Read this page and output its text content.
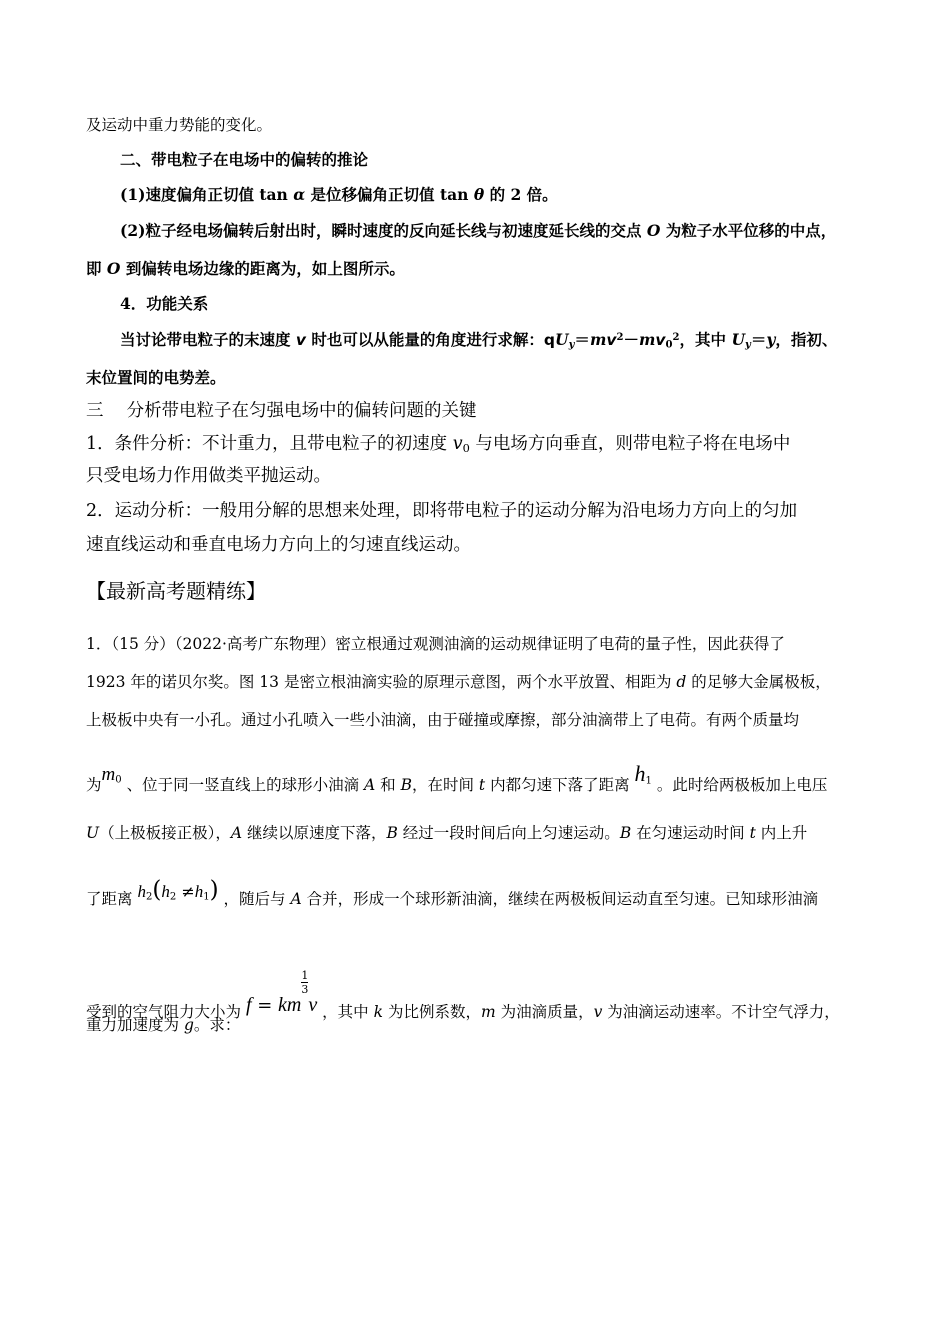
及运动中重力势能的变化。
二、带电粒子在电场中的偏转的推论
(1)速度偏角正切值 tan α 是位移偏角正切值 tan θ 的 2 倍。
(2)粒子经电场偏转后射出时，瞬时速度的反向延长线与初速度延长线的交点 O 为粒子水平位移的中点，
即 O 到偏转电场边缘的距离为，如上图所示。
4．功能关系
当讨论带电粒子的末速度 v 时也可以从能量的角度进行求解：$qU_y=mv^2-mv_0^2$，其中 $U_y=y$，指初、
末位置间的电势差。
三　 分析带电粒子在匀强电场中的偏转问题的关键
1．条件分析：不计重力，且带电粒子的初速度 $v_0$ 与电场方向垂直，则带电粒子将在电场中
只受电场力作用做类平抛运动。
2．运动分析：一般用分解的思想来处理，即将带电粒子的运动分解为沿电场力方向上的匀加
速直线运动和垂直电场力方向上的匀速直线运动。
【最新高考题精练】
1．（15 分）（2022·高考广东物理）密立根通过观测油滴的运动规律证明了电荷的量子性，因此获得了
1923 年的诺贝尔奖。图 13 是密立根油滴实验的原理示意图，两个水平放置、相距为 d 的足够大金属极板，
上极板中央有一小孔。通过小孔喷入一些小油滴，由于碰撞或摩擦，部分油滴带上了电荷。有两个质量均
为$m_0$ 、位于同一竖直线上的球形小油滴 A 和 B，在时间 t 内都匀速下落了距离 $h_1$ 。此时给两极板加上电压
U（上极板接正极），A 继续以原速度下落，B 经过一段时间后向上匀速运动。B 在匀速运动时间 t 内上升
了距离 $h_2(h_2 \ne h_1)$ ，随后与 A 合并，形成一个球形新油滴，继续在两极板间运动直至匀速。已知球形油滴
受到的空气阻力大小为 $f = km\frac{1}{3}v$ ，其中 k 为比例系数，m 为油滴质量，v 为油滴运动速率。不计空气浮力，
重力加速度为 g。求：
